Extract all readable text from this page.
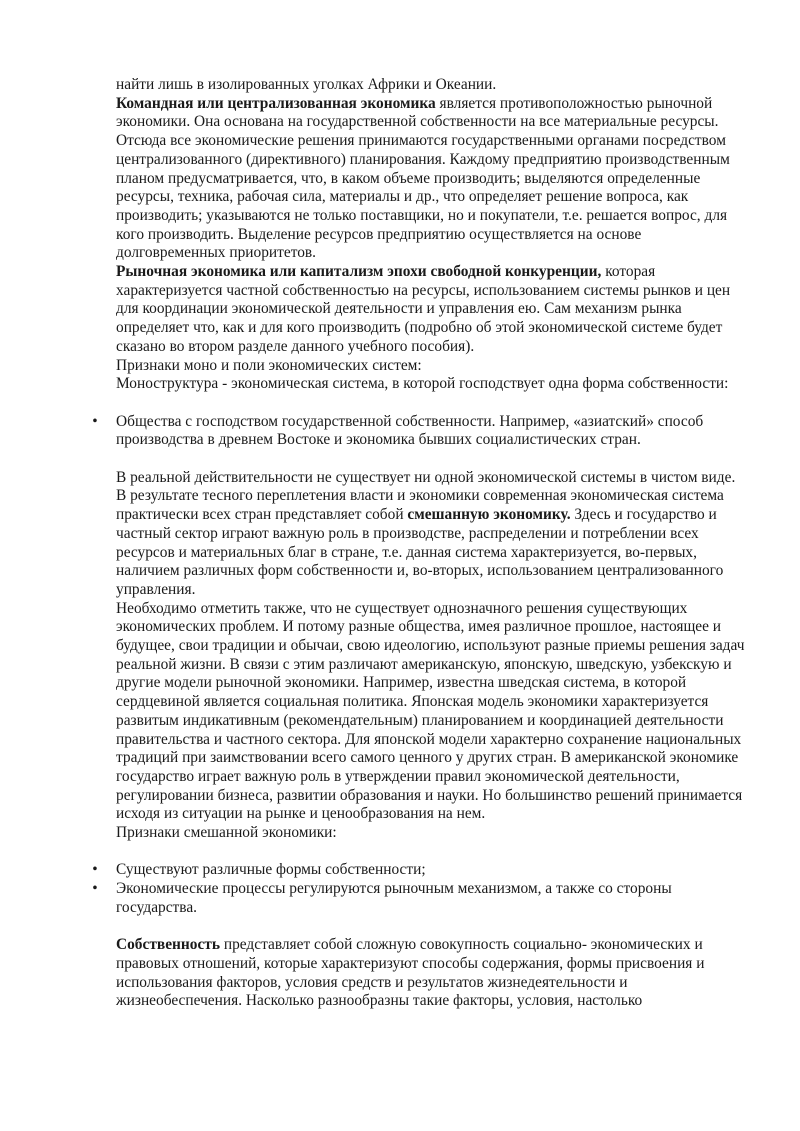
найти лишь в изолированных уголках Африки и Океании.

Командная или централизованная экономика является противоположностью рыночной экономики. Она основана на государственной собственности на все материальные ресурсы. Отсюда все экономические решения принимаются государственными органами посредством централизованного (директивного) планирования. Каждому предприятию производственным планом предусматривается, что, в каком объеме производить; выделяются определенные ресурсы, техника, рабочая сила, материалы и др., что определяет решение вопроса, как производить; указываются не только поставщики, но и покупатели, т.е. решается вопрос, для кого производить. Выделение ресурсов предприятию осуществляется на основе долговременных приоритетов.

Рыночная экономика или капитализм эпохи свободной конкуренции, которая характеризуется частной собственностью на ресурсы, использованием системы рынков и цен для координации экономической деятельности и управления ею. Сам механизм рынка определяет что, как и для кого производить (подробно об этой экономической системе будет сказано во втором разделе данного учебного пособия).

Признаки моно и поли экономических систем:

Моноструктура - экономическая система, в которой господствует одна форма собственности:

• Общества с господством государственной собственности. Например, «азиатский» способ производства в древнем Востоке и экономика бывших социалистических стран.

В реальной действительности не существует ни одной экономической системы в чистом виде. В результате тесного переплетения власти и экономики современная экономическая система практически всех стран представляет собой смешанную экономику. Здесь и государство и частный сектор играют важную роль в производстве, распределении и потреблении всех ресурсов и материальных благ в стране, т.е. данная система характеризуется, во-первых, наличием различных форм собственности и, во-вторых, использованием централизованного управления.

Необходимо отметить также, что не существует однозначного решения существующих экономических проблем. И потому разные общества, имея различное прошлое, настоящее и будущее, свои традиции и обычаи, свою идеологию, используют разные приемы решения задач реальной жизни. В связи с этим различают американскую, японскую, шведскую, узбекскую и другие модели рыночной экономики. Например, известна шведская система, в которой сердцевиной является социальная политика. Японская модель экономики характеризуется развитым индикативным (рекомендательным) планированием и координацией деятельности правительства и частного сектора. Для японской модели характерно сохранение национальных традиций при заимствовании всего самого ценного у других стран. В американской экономике государство играет важную роль в утверждении правил экономической деятельности, регулировании бизнеса, развитии образования и науки. Но большинство решений принимается исходя из ситуации на рынке и ценообразования на нем.

Признаки смешанной экономики:

• Существуют различные формы собственности;
• Экономические процессы регулируются рыночным механизмом, а также со стороны государства.

Собственность представляет собой сложную совокупность социально- экономических и правовых отношений, которые характеризуют способы содержания, формы присвоения и использования факторов, условия средств и результатов жизнедеятельности и жизнеобеспечения. Насколько разнообразны такие факторы, условия, настолько
